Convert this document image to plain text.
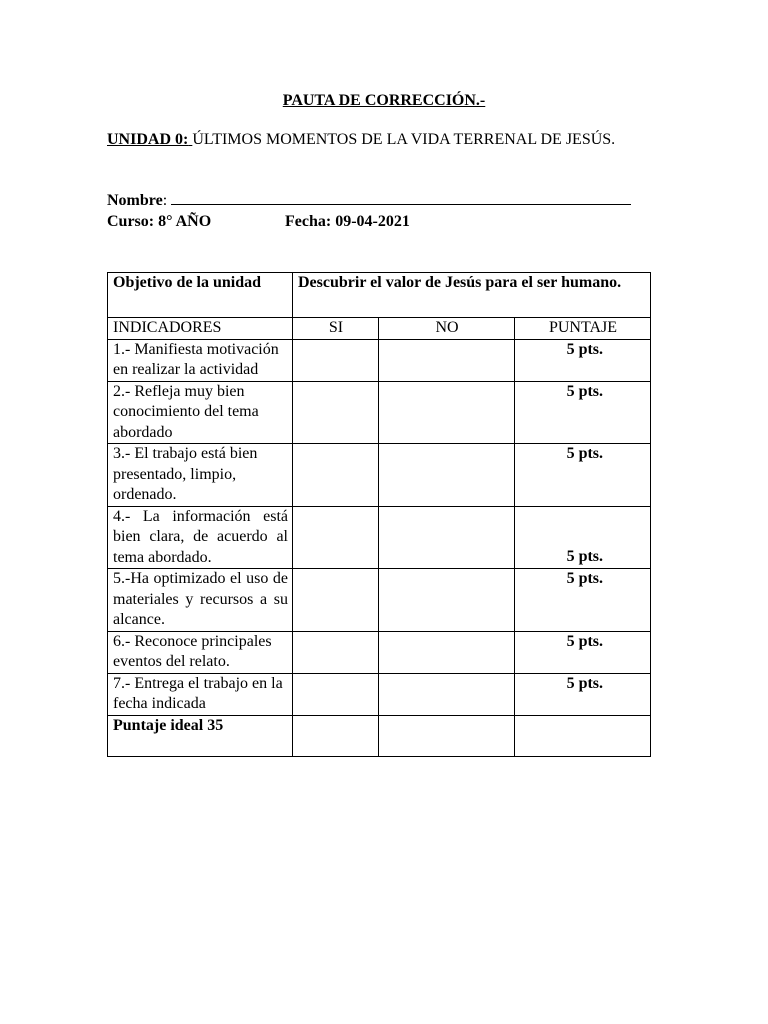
PAUTA DE CORRECCIÓN.-
UNIDAD 0: ÚLTIMOS MOMENTOS DE LA VIDA TERRENAL DE JESÚS.
Nombre:
Curso: 8° AÑO	Fecha: 09-04-2021
Objetivo de la unidad	Descubrir el valor de Jesús para el ser humano.		
INDICADORES	SI	NO	PUNTAJE
1.- Manifiesta motivación en realizar la actividad			5 pts.
2.- Refleja muy bien conocimiento del tema abordado			5 pts.
3.- El trabajo está bien presentado, limpio, ordenado.			5 pts.
4.- La información está bien clara, de acuerdo al tema abordado.			5 pts.
5.-Ha optimizado el uso de materiales y recursos a su alcance.			5 pts.
6.- Reconoce principales eventos del relato.			5 pts.
7.- Entrega el trabajo en la fecha indicada			5 pts.
Puntaje ideal 35			
